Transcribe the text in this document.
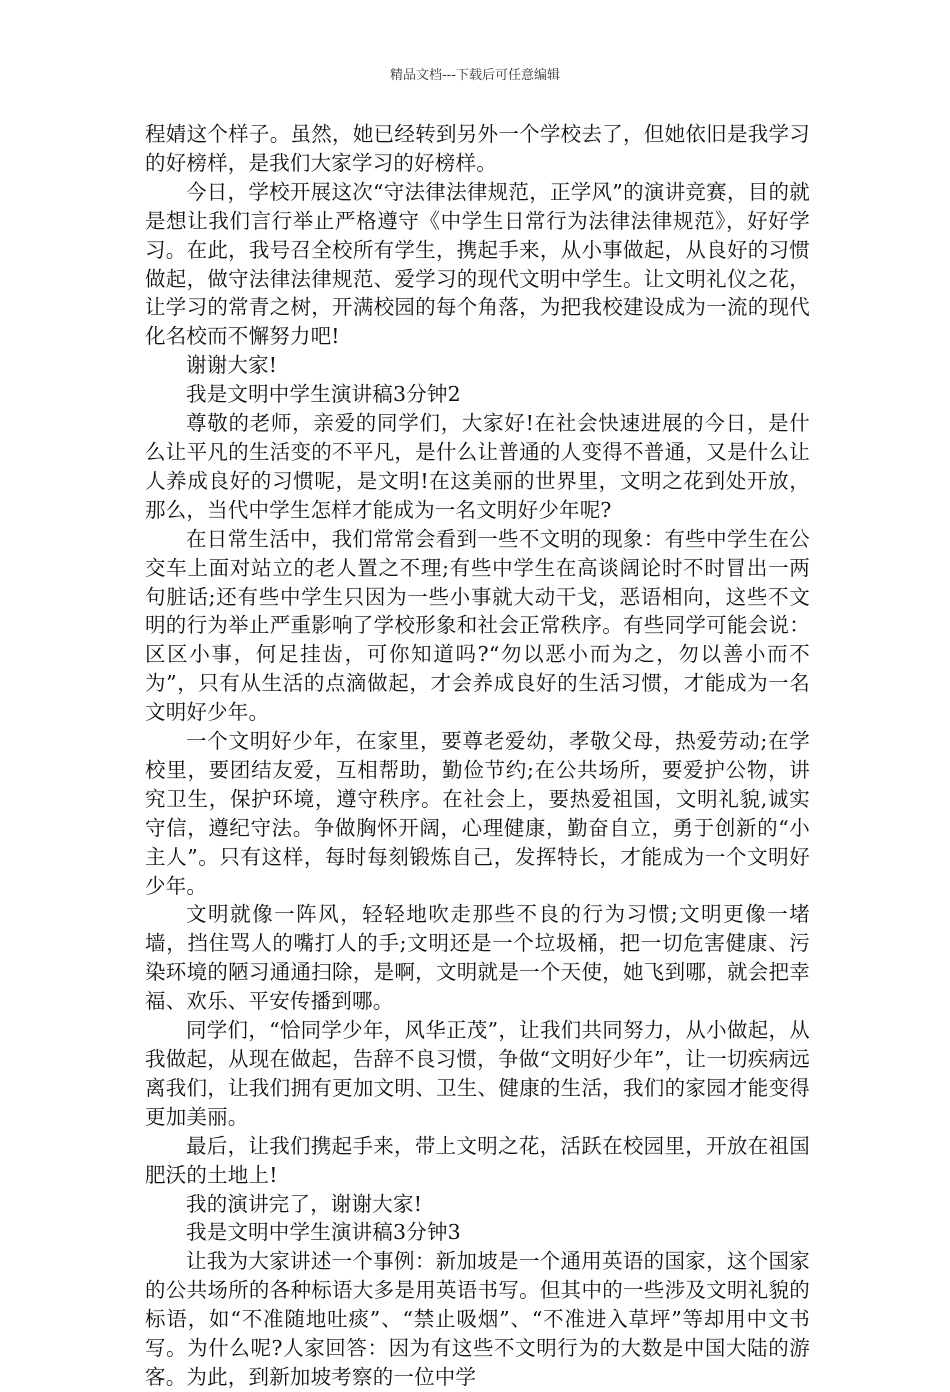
精品文档---下载后可任意编辑

程婧这个样子。虽然，她已经转到另外一个学校去了，但她依旧是我学习的好榜样，是我们大家学习的好榜样。

今日，学校开展这次“守法律法律规范，正学风”的演讲竞赛，目的就是想让我们言行举止严格遵守《中学生日常行为法律法律规范》，好好学习。在此，我号召全校所有学生，携起手来，从小事做起，从良好的习惯做起，做守法律法律规范、爱学习的现代文明中学生。让文明礼仪之花，让学习的常青之树，开满校园的每个角落，为把我校建设成为一流的现代化名校而不懈努力吧!

谢谢大家!

我是文明中学生演讲稿3分钟2

尊敬的老师，亲爱的同学们，大家好!在社会快速进展的今日，是什么让平凡的生活变的不平凡，是什么让普通的人变得不普通，又是什么让人养成良好的习惯呢，是文明!在这美丽的世界里，文明之花到处开放，那么，当代中学生怎样才能成为一名文明好少年呢?

在日常生活中，我们常常会看到一些不文明的现象：有些中学生在公交车上面对站立的老人置之不理;有些中学生在高谈阔论时不时冒出一两句脏话;还有些中学生只因为一些小事就大动干戈，恶语相向，这些不文明的行为举止严重影响了学校形象和社会正常秩序。有些同学可能会说：区区小事，何足挂齿，可你知道吗?“勿以恶小而为之，勿以善小而不为”，只有从生活的点滴做起，才会养成良好的生活习惯，才能成为一名文明好少年。

一个文明好少年，在家里，要尊老爱幼，孝敬父母，热爱劳动;在学校里，要团结友爱，互相帮助，勤俭节约;在公共场所，要爱护公物，讲究卫生，保护环境，遵守秩序。在社会上，要热爱祖国，文明礼貌,诚实守信，遵纪守法。争做胸怀开阔，心理健康，勤奋自立，勇于创新的“小主人”。只有这样，每时每刻锻炼自己，发挥特长，才能成为一个文明好少年。

文明就像一阵风，轻轻地吹走那些不良的行为习惯;文明更像一堵墙，挡住骂人的嘴打人的手;文明还是一个垃圾桶，把一切危害健康、污染环境的陋习通通扫除，是啊，文明就是一个天使，她飞到哪，就会把幸福、欢乐、平安传播到哪。

同学们，“恰同学少年，风华正茂”，让我们共同努力，从小做起，从我做起，从现在做起，告辞不良习惯，争做“文明好少年”，让一切疾病远离我们，让我们拥有更加文明、卫生、健康的生活，我们的家园才能变得更加美丽。

最后，让我们携起手来，带上文明之花，活跃在校园里，开放在祖国肥沃的土地上!

我的演讲完了，谢谢大家!

我是文明中学生演讲稿3分钟3

让我为大家讲述一个事例：新加坡是一个通用英语的国家，这个国家的公共场所的各种标语大多是用英语书写。但其中的一些涉及文明礼貌的标语，如“不准随地吐痰”、“禁止吸烟”、“不准进入草坪”等却用中文书写。为什么呢?人家回答：因为有这些不文明行为的大数是中国大陆的游客。为此，到新加坡考察的一位中学
